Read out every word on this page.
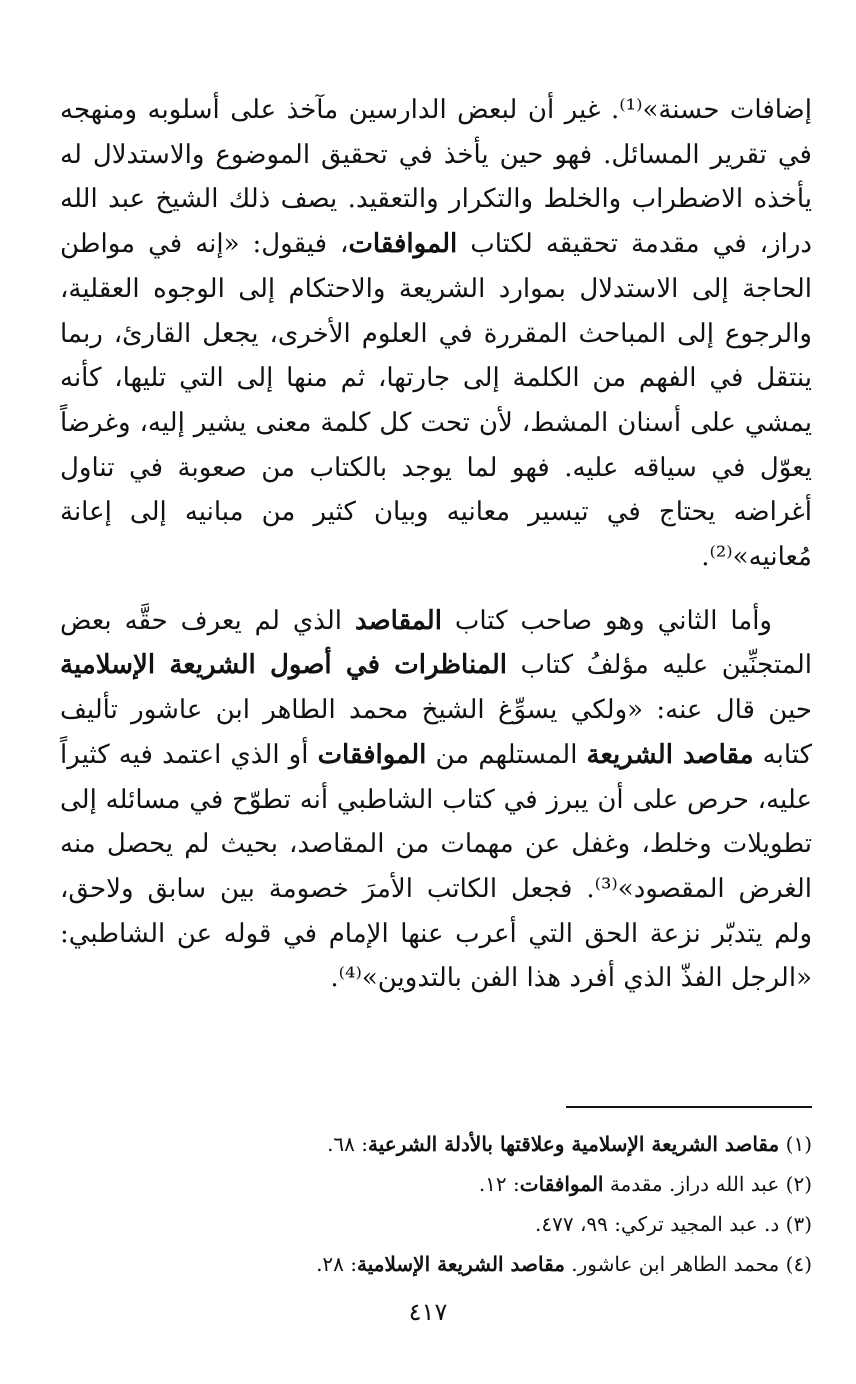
إضافات حسنة»⁽¹⁾. غير أن لبعض الدارسين مآخذ على أسلوبه ومنهجه في تقرير المسائل. فهو حين يأخذ في تحقيق الموضوع والاستدلال له يأخذه الاضطراب والخلط والتكرار والتعقيد. يصف ذلك الشيخ عبد الله دراز، في مقدمة تحقيقه لكتاب الموافقات، فيقول: «إنه في مواطن الحاجة إلى الاستدلال بموارد الشريعة والاحتكام إلى الوجوه العقلية، والرجوع إلى المباحث المقررة في العلوم الأخرى، يجعل القارئ، ربما ينتقل في الفهم من الكلمة إلى جارتها، ثم منها إلى التي تليها، كأنه يمشي على أسنان المشط، لأن تحت كل كلمة معنى يشير إليه، وغرضاً يعوّل في سياقه عليه. فهو لما يوجد بالكتاب من صعوبة في تناول أغراضه يحتاج في تيسير معانيه وبيان كثير من مبانيه إلى إعانة مُعانيه»⁽²⁾.

وأما الثاني وهو صاحب كتاب المقاصد الذي لم يعرف حقَّه بعض المتجنِّين عليه مؤلفُ كتاب المناظرات في أصول الشريعة الإسلامية حين قال عنه: «ولكي يسوِّغ الشيخ محمد الطاهر ابن عاشور تأليف كتابه مقاصد الشريعة المستلهم من الموافقات أو الذي اعتمد فيه كثيراً عليه، حرص على أن يبرز في كتاب الشاطبي أنه تطوّح في مسائله إلى تطويلات وخلط، وغفل عن مهمات من المقاصد، بحيث لم يحصل منه الغرض المقصود»⁽³⁾. فجعل الكاتب الأمرَ خصومة بين سابق ولاحق، ولم يتدبّر نزعة الحق التي أعرب عنها الإمام في قوله عن الشاطبي: «الرجل الفذّ الذي أفرد هذا الفن بالتدوين»⁽⁴⁾.

(١) مقاصد الشريعة الإسلامية وعلاقتها بالأدلة الشرعية: ٦٨.
(٢) عبد الله دراز. مقدمة الموافقات: ١٢.
(٣) د. عبد المجيد تركي: ٩٩، ٤٧٧.
(٤) محمد الطاهر ابن عاشور. مقاصد الشريعة الإسلامية: ٢٨.
٤١٧
